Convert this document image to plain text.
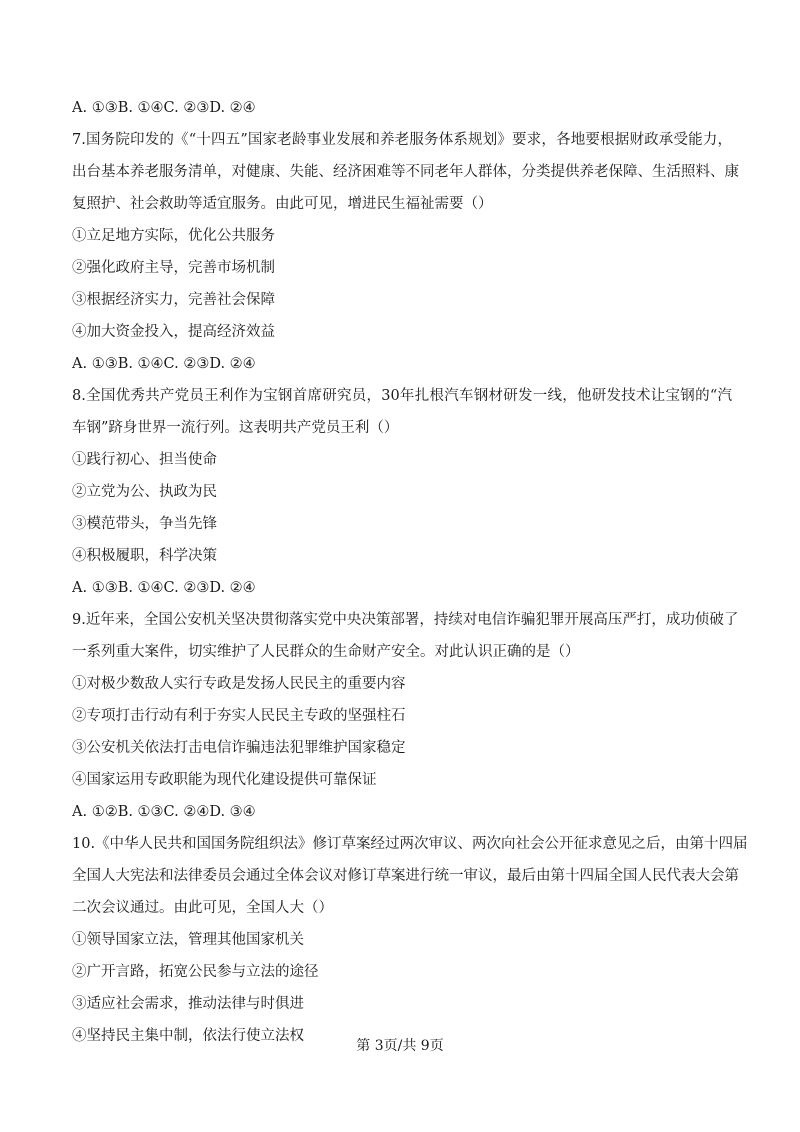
A. ①③B. ①④C. ②③D. ②④
7.国务院印发的《“十四五”国家老龄事业发展和养老服务体系规划》要求，各地要根据财政承受能力，
出台基本养老服务清单，对健康、失能、经济困难等不同老年人群体，分类提供养老保障、生活照料、康
复照护、社会救助等适宜服务。由此可见，增进民生福祉需要（）
①立足地方实际，优化公共服务
②强化政府主导，完善市场机制
③根据经济实力，完善社会保障
④加大资金投入，提高经济效益
A. ①③B. ①④C. ②③D. ②④
8.全国优秀共产党员王利作为宝钢首席研究员，30年扎根汽车钢材研发一线，他研发技术让宝钢的“汽
车钢”跻身世界一流行列。这表明共产党员王利（）
①践行初心、担当使命
②立党为公、执政为民
③模范带头，争当先锋
④积极履职，科学决策
A. ①③B. ①④C. ②③D. ②④
9.近年来，全国公安机关坚决贯彻落实党中央决策部署，持续对电信诈骗犯罪开展高压严打，成功侦破了
一系列重大案件，切实维护了人民群众的生命财产安全。对此认识正确的是（）
①对极少数敌人实行专政是发扬人民民主的重要内容
②专项打击行动有利于夯实人民民主专政的坚强柱石
③公安机关依法打击电信诈骗违法犯罪维护国家稳定
④国家运用专政职能为现代化建设提供可靠保证
A. ①②B. ①③C. ②④D. ③④
10.《中华人民共和国国务院组织法》修订草案经过两次审议、两次向社会公开征求意见之后，由第十四届
全国人大宪法和法律委员会通过全体会议对修订草案进行统一审议，最后由第十四届全国人民代表大会第
二次会议通过。由此可见，全国人大（）
①领导国家立法，管理其他国家机关
②广开言路，拓宽公民参与立法的途径
③适应社会需求，推动法律与时俱进
④坚持民主集中制，依法行使立法权
第 3页/共 9页
